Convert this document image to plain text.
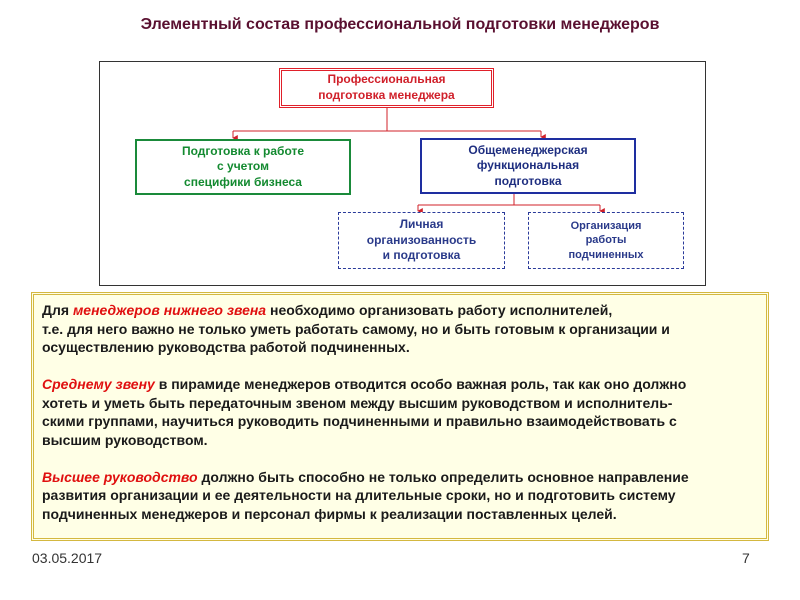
Элементный состав профессиональной подготовки менеджеров
Профессиональная
подготовка менеджера
Подготовка к работе
с учетом
специфики бизнеса
Общеменеджерская
функциональная
подготовка
Личная
организованность
и подготовка
Организация
работы
подчиненных

Для менеджеров нижнего звена необходимо организовать работу исполнителей,
т.е. для него важно не только уметь работать самому, но и быть готовым к организации и
осуществлению руководства работой подчиненных.

Среднему звену в пирамиде менеджеров отводится особо важная роль, так как оно должно
хотеть и уметь быть передаточным звеном между высшим руководством и исполнитель-
скими группами, научиться руководить подчиненными и правильно взаимодействовать с
высшим руководством.

Высшее руководство должно быть способно не только определить основное направление
развития организации и ее деятельности на длительные сроки, но и подготовить систему
подчиненных менеджеров и персонал фирмы к реализации поставленных целей.

03.05.2017	7
